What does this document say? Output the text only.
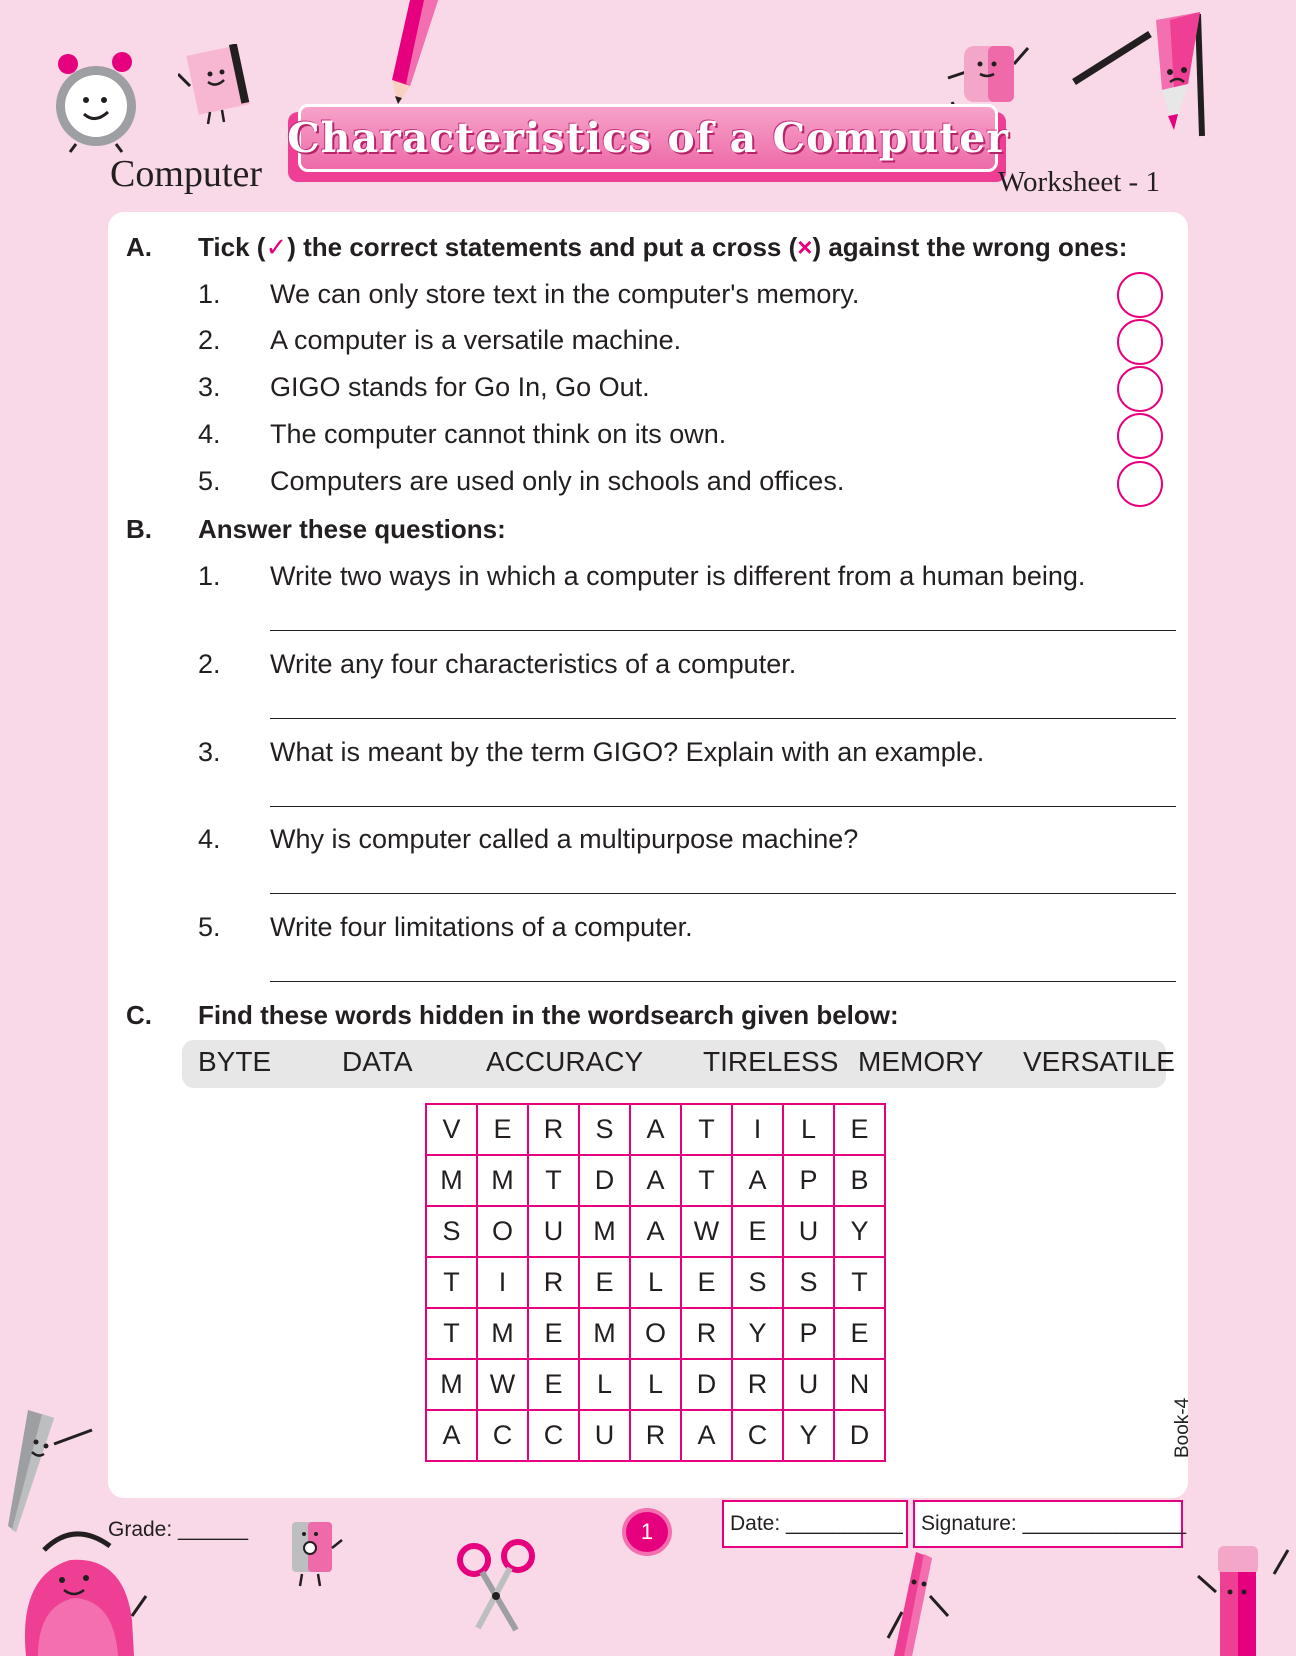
Computer
Characteristics of a Computer
Worksheet - 1
A. Tick (✓) the correct statements and put a cross (×) against the wrong ones:
1. We can only store text in the computer's memory.
2. A computer is a versatile machine.
3. GIGO stands for Go In, Go Out.
4. The computer cannot think on its own.
5. Computers are used only in schools and offices.
B. Answer these questions:
1. Write two ways in which a computer is different from a human being.
2. Write any four characteristics of a computer.
3. What is meant by the term GIGO? Explain with an example.
4. Why is computer called a multipurpose machine?
5. Write four limitations of a computer.
C. Find these words hidden in the wordsearch given below:
BYTE	DATA	ACCURACY TIRELESS MEMORY VERSATILE
V	E	R	S	A	T	I	L	E
M	M	T	D	A	T	A	P	B
S	O	U	M	A	W	E	U	Y
T	I	R	E	L	E	S	S	T
T	M	E	M	O	R	Y	P	E
M	W	E	L	L	D	R	U	N
A	C	C	U	R	A	C	Y	D
Grade: ______	1	Date: __________ Signature: ______________
Book-4
